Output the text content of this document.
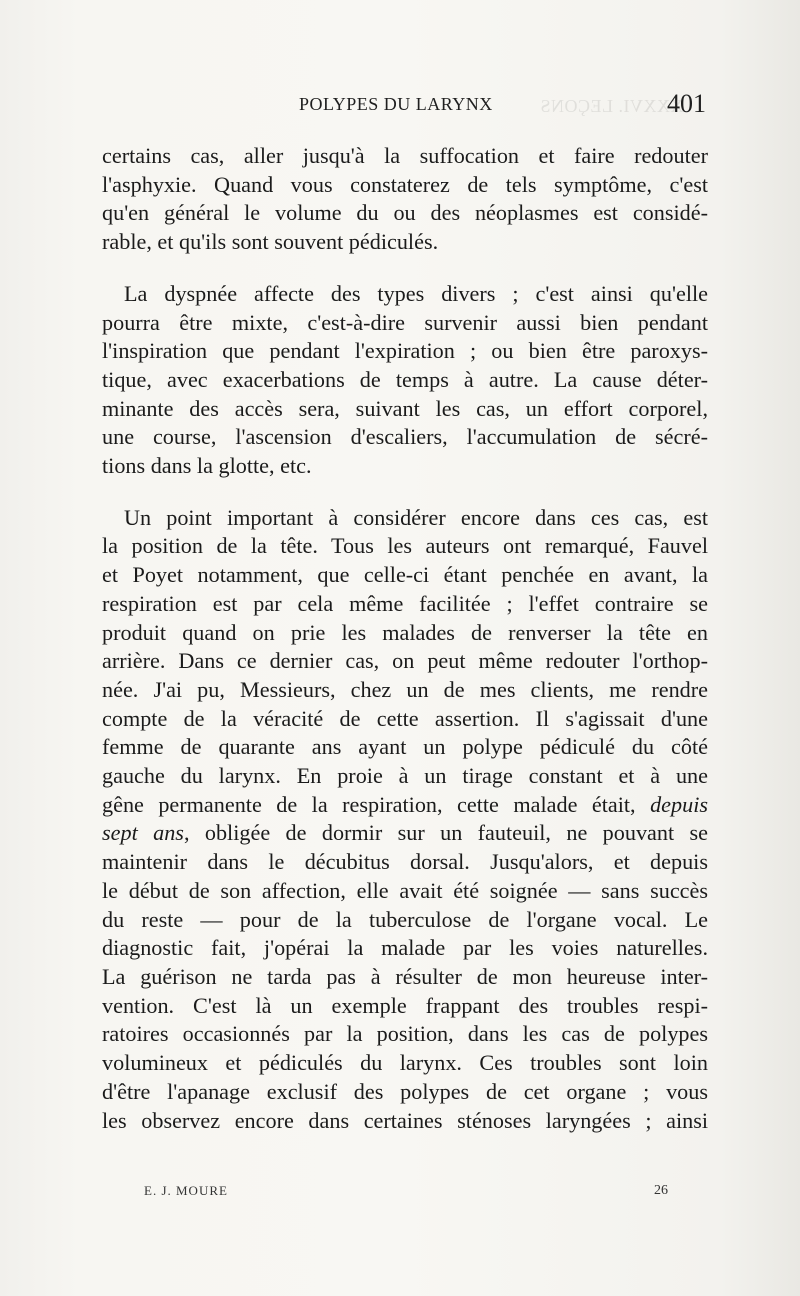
XXXVI. LEÇONS
POLYPES DU LARYNX	401

certains cas, aller jusqu'à la suffocation et faire redouter
l'asphyxie. Quand vous constaterez de tels symptôme, c'est
qu'en général le volume du ou des néoplasmes est considé-
rable, et qu'ils sont souvent pédiculés.

La dyspnée affecte des types divers ; c'est ainsi qu'elle
pourra être mixte, c'est-à-dire survenir aussi bien pendant
l'inspiration que pendant l'expiration ; ou bien être paroxys-
tique, avec exacerbations de temps à autre. La cause déter-
minante des accès sera, suivant les cas, un effort corporel,
une course, l'ascension d'escaliers, l'accumulation de sécré-
tions dans la glotte, etc.

Un point important à considérer encore dans ces cas, est
la position de la tête. Tous les auteurs ont remarqué, Fauvel
et Poyet notamment, que celle-ci étant penchée en avant, la
respiration est par cela même facilitée ; l'effet contraire se
produit quand on prie les malades de renverser la tête en
arrière. Dans ce dernier cas, on peut même redouter l'orthop-
née. J'ai pu, Messieurs, chez un de mes clients, me rendre
compte de la véracité de cette assertion. Il s'agissait d'une
femme de quarante ans ayant un polype pédiculé du côté
gauche du larynx. En proie à un tirage constant et à une
gêne permanente de la respiration, cette malade était, depuis
sept ans, obligée de dormir sur un fauteuil, ne pouvant se
maintenir dans le décubitus dorsal. Jusqu'alors, et depuis
le début de son affection, elle avait été soignée — sans succès
du reste — pour de la tuberculose de l'organe vocal. Le
diagnostic fait, j'opérai la malade par les voies naturelles.
La guérison ne tarda pas à résulter de mon heureuse inter-
vention. C'est là un exemple frappant des troubles respi-
ratoires occasionnés par la position, dans les cas de polypes
volumineux et pédiculés du larynx. Ces troubles sont loin
d'être l'apanage exclusif des polypes de cet organe ; vous
les observez encore dans certaines sténoses laryngées ; ainsi

E. J. MOURE	26
